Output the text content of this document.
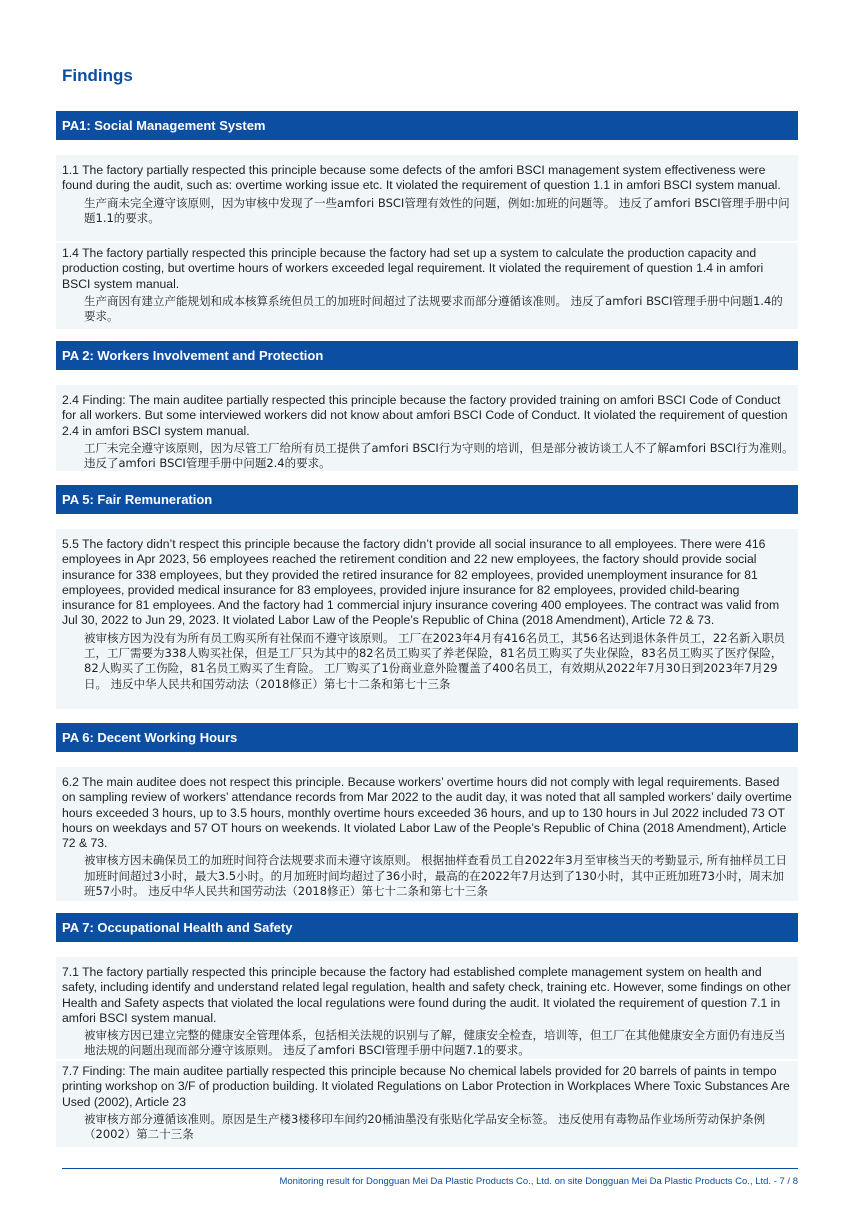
Findings
PA1: Social Management System

1.1 The factory partially respected this principle because some defects of the amfori BSCI management system effectiveness were found during the audit, such as: overtime working issue etc. It violated the requirement of question 1.1 in amfori BSCI system manual.

生产商未完全遵守该原则，因为审核中发现了一些amfori BSCI管理有效性的问题，例如:加班的问题等。 违反了amfori BSCI管理手册中问题1.1的要求。

1.4 The factory partially respected this principle because the factory had set up a system to calculate the production capacity and production costing, but overtime hours of workers exceeded legal requirement. It violated the requirement of question 1.4 in amfori BSCI system manual.

生产商因有建立产能规划和成本核算系统但员工的加班时间超过了法规要求而部分遵循该准则。 违反了amfori BSCI管理手册中问题1.4的要求。

PA 2: Workers Involvement and Protection

2.4 Finding: The main auditee partially respected this principle because the factory provided training on amfori BSCI Code of Conduct for all workers. But some interviewed workers did not know about amfori BSCI Code of Conduct. It violated the requirement of question 2.4 in amfori BSCI system manual.

工厂未完全遵守该原则，因为尽管工厂给所有员工提供了amfori BSCI行为守则的培训，但是部分被访谈工人不了解amfori BSCI行为准则。 违反了amfori BSCI管理手册中问题2.4的要求。

PA 5: Fair Remuneration

5.5 The factory didn’t respect this principle because the factory didn’t provide all social insurance to all employees. There were 416 employees in Apr 2023, 56 employees reached the retirement condition and 22 new employees, the factory should provide social insurance for 338 employees, but they provided the retired insurance for 82 employees, provided unemployment insurance for 81 employees, provided medical insurance for 83 employees, provided injure insurance for 82 employees, provided child-bearing insurance for 81 employees. And the factory had 1 commercial injury insurance covering 400 employees. The contract was valid from Jul 30, 2022 to Jun 29, 2023. It violated Labor Law of the People’s Republic of China (2018 Amendment), Article 72 & 73.

被审核方因为没有为所有员工购买所有社保而不遵守该原则。 工厂在2023年4月有416名员工，其56名达到退休条件员工，22名新入职员工，工厂需要为338人购买社保，但是工厂只为其中的82名员工购买了养老保险，81名员工购买了失业保险，83名员工购买了医疗保险，82人购买了工伤险，81名员工购买了生育险。 工厂购买了1份商业意外险覆盖了400名员工，有效期从2022年7月30日到2023年7月29日。 违反中华人民共和国劳动法（2018修正）第七十二条和第七十三条

PA 6: Decent Working Hours

6.2 The main auditee does not respect this principle. Because workers’ overtime hours did not comply with legal requirements. Based on sampling review of workers’ attendance records from Mar 2022 to the audit day, it was noted that all sampled workers’ daily overtime hours exceeded 3 hours, up to 3.5 hours, monthly overtime hours exceeded 36 hours, and up to 130 hours in Jul 2022 included 73 OT hours on weekdays and 57 OT hours on weekends. It violated Labor Law of the People’s Republic of China (2018 Amendment), Article 72 & 73.

被审核方因未确保员工的加班时间符合法规要求而未遵守该原则。 根据抽样查看员工自2022年3月至审核当天的考勤显示, 所有抽样员工日加班时间超过3小时，最大3.5小时。的月加班时间均超过了36小时，最高的在2022年7月达到了130小时，其中正班加班73小时，周末加班57小时。 违反中华人民共和国劳动法（2018修正）第七十二条和第七十三条

PA 7: Occupational Health and Safety

7.1 The factory partially respected this principle because the factory had established complete management system on health and safety, including identify and understand related legal regulation, health and safety check, training etc. However, some findings on other Health and Safety aspects that violated the local regulations were found during the audit. It violated the requirement of question 7.1 in amfori BSCI system manual.

被审核方因已建立完整的健康安全管理体系，包括相关法规的识别与了解，健康安全检查，培训等，但工厂在其他健康安全方面仍有违反当地法规的问题出现而部分遵守该原则。 违反了amfori BSCI管理手册中问题7.1的要求。

7.7 Finding: The main auditee partially respected this principle because No chemical labels provided for 20 barrels of paints in tempo printing workshop on 3/F of production building. It violated Regulations on Labor Protection in Workplaces Where Toxic Substances Are Used (2002), Article 23

被审核方部分遵循该准则。原因是生产楼3楼移印车间约20桶油墨没有张贴化学品安全标签。 违反使用有毒物品作业场所劳动保护条例（2002）第二十三条

Monitoring result for Dongguan Mei Da Plastic Products Co., Ltd. on site Dongguan Mei Da Plastic Products Co., Ltd. - 7 / 8
